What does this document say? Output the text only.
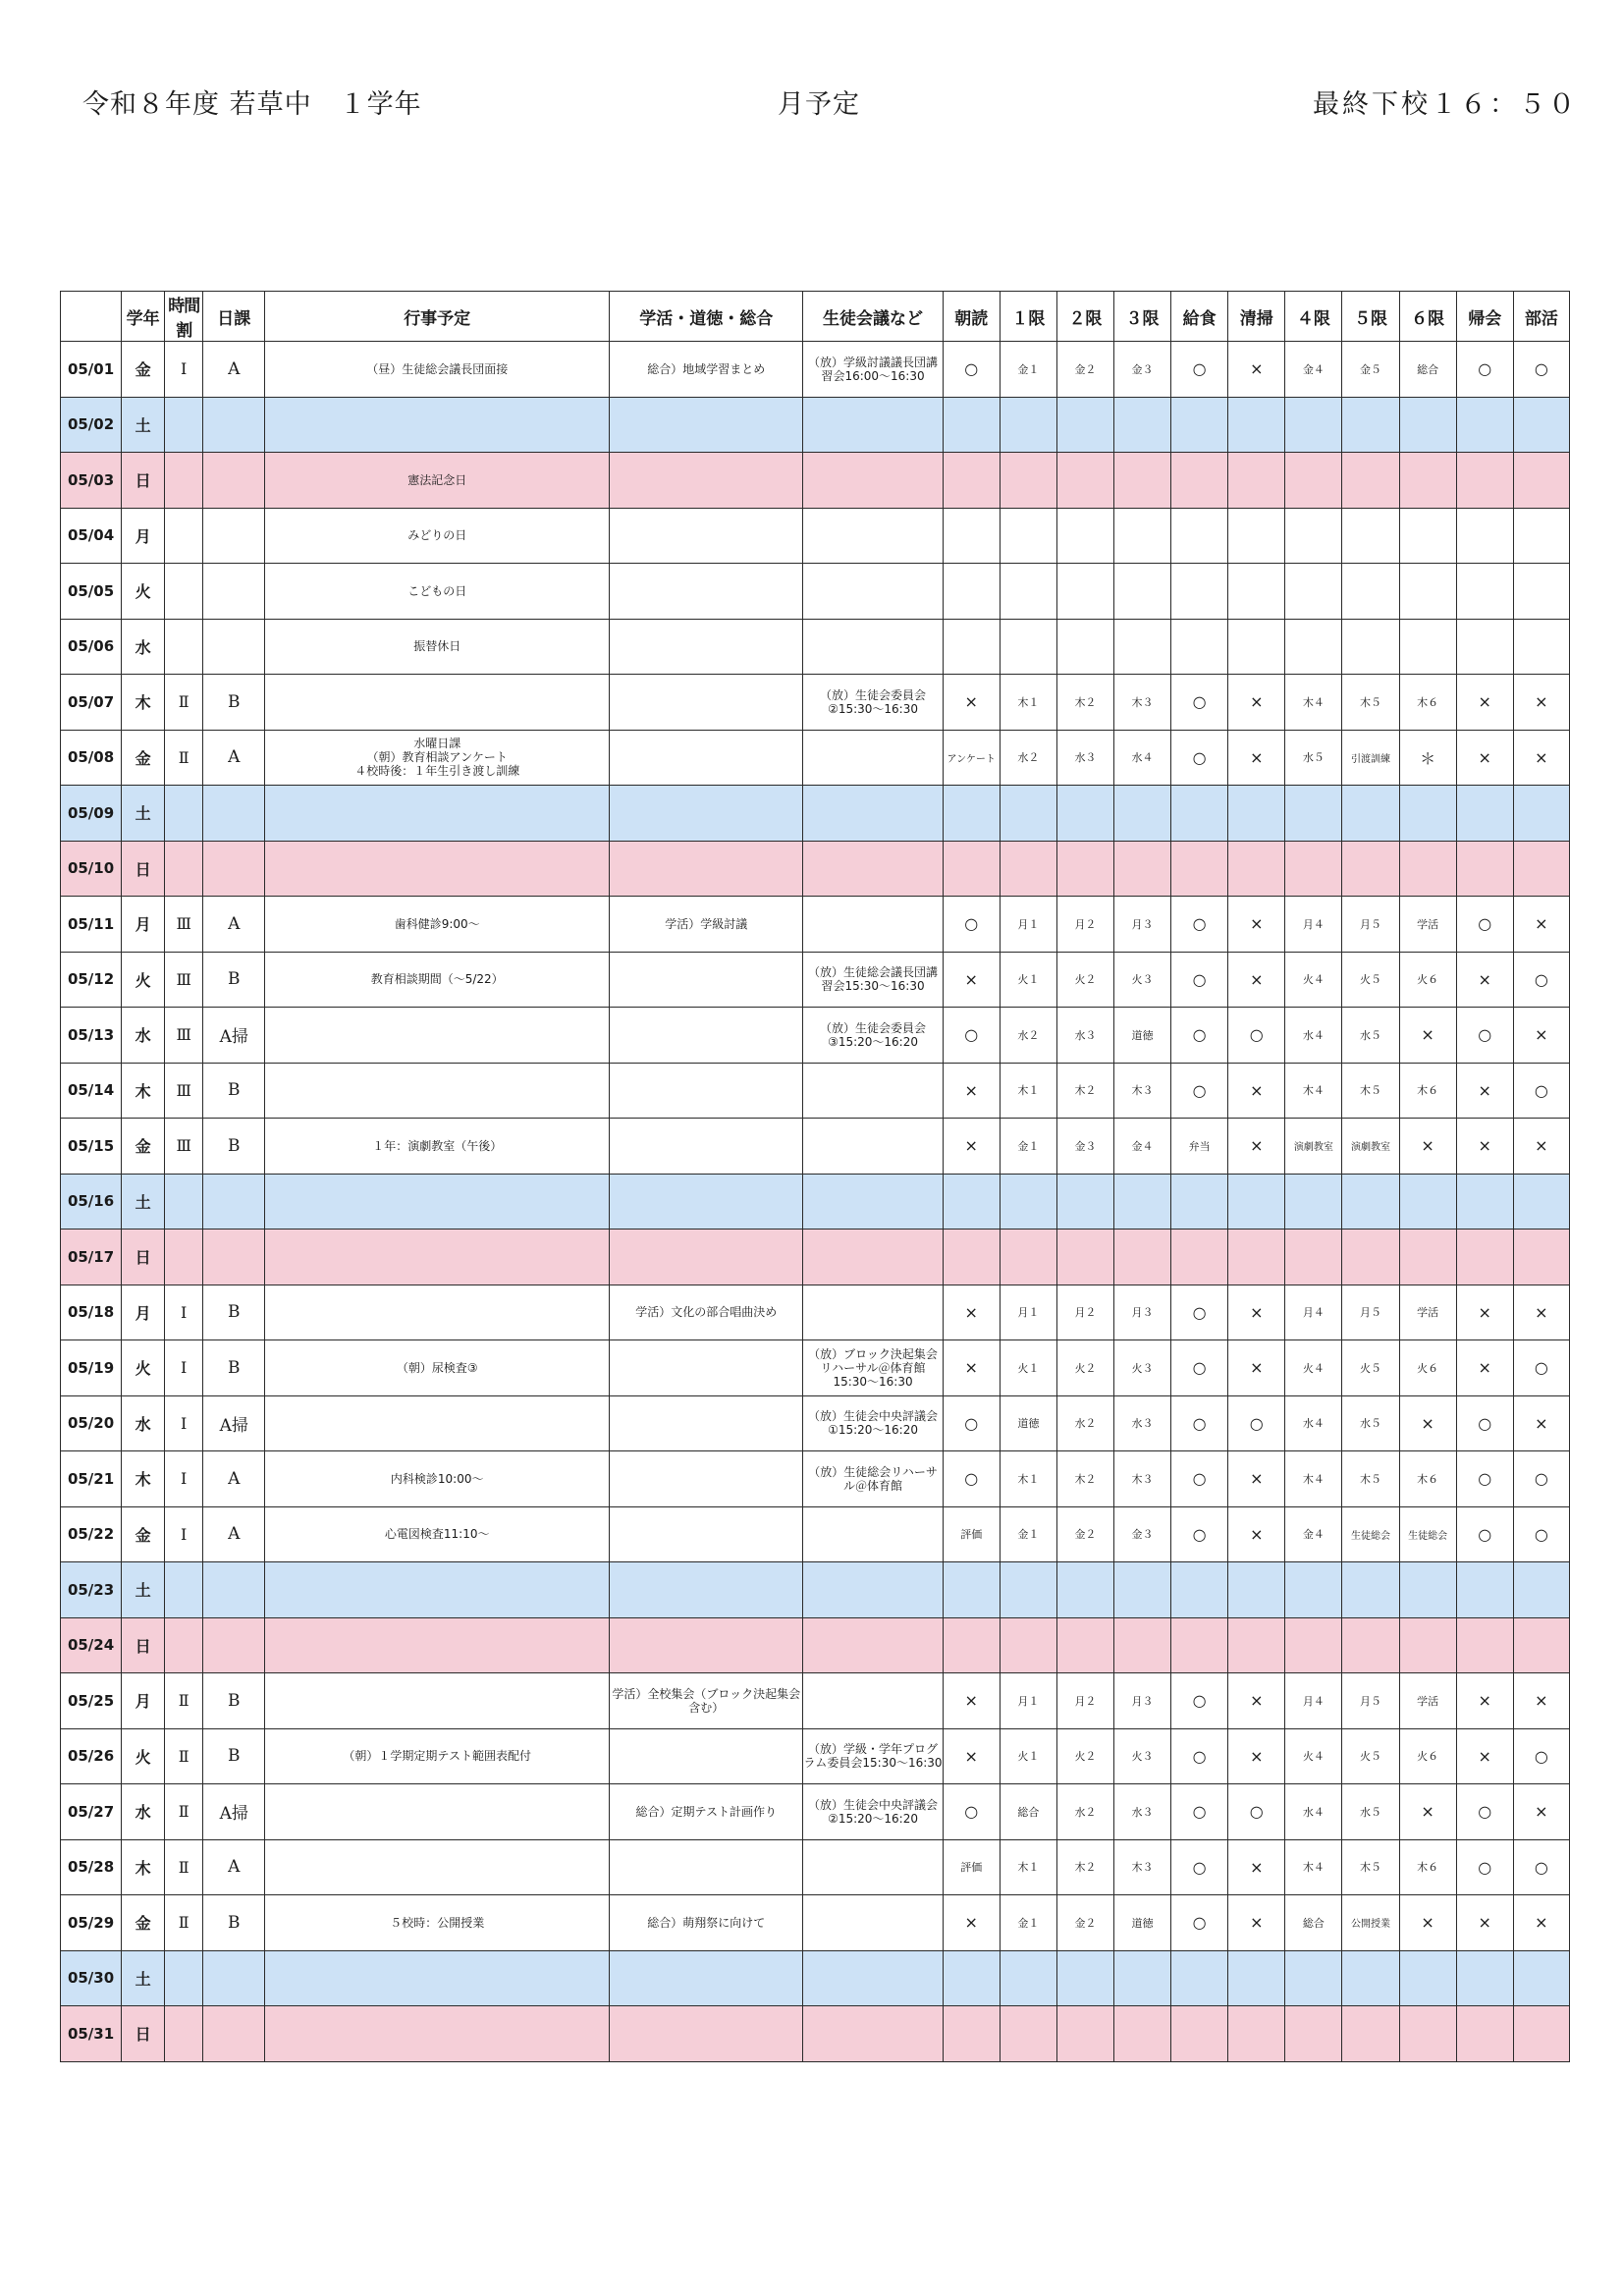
令和８年度 若草中　１学年	月予定	最終下校１６：５０
	学年	時間割	日課	行事予定	学活・道徳・総合	生徒会議など	朝読	１限	２限	３限	給食	清掃	４限	５限	６限	帰会	部活
05/01	金	Ⅰ	A	（昼）生徒総会議長団面接	総合）地域学習まとめ	（放）学級討議議長団講習会16:00～16:30	○	金１	金２	金３	○	×	金４	金５	総合	○	○
05/02	土																
05/03	日			憲法記念日													
05/04	月			みどりの日													
05/05	火			こどもの日													
05/06	水			振替休日													
05/07	木	Ⅱ	B			（放）生徒会委員会②15:30～16:30	×	木１	木２	木３	○	×	木４	木５	木６	×	×
05/08	金	Ⅱ	A	水曜日課
（朝）教育相談アンケート
４校時後：１年生引き渡し訓練			アンケート	水２	水３	水４	○	×	水５	引渡訓練	＊	×	×
05/09	土																
05/10	日																
05/11	月	Ⅲ	A	歯科健診9:00～	学活）学級討議		○	月１	月２	月３	○	×	月４	月５	学活	○	×
05/12	火	Ⅲ	B	教育相談期間（～5/22）		（放）生徒総会議長団講習会15:30～16:30	×	火１	火２	火３	○	×	火４	火５	火６	×	○
05/13	水	Ⅲ	A掃			（放）生徒会委員会③15:20～16:20	○	水２	水３	道徳	○	○	水４	水５	×	○	×
05/14	木	Ⅲ	B				×	木１	木２	木３	○	×	木４	木５	木６	×	○
05/15	金	Ⅲ	B	１年：演劇教室（午後）			×	金１	金３	金４	弁当	×	演劇教室	演劇教室	×	×	×
05/16	土																
05/17	日																
05/18	月	Ⅰ	B		学活）文化の部合唱曲決め		×	月１	月２	月３	○	×	月４	月５	学活	×	×
05/19	火	Ⅰ	B	（朝）尿検査③		（放）ブロック決起集会リハーサル＠体育館15:30～16:30	×	火１	火２	火３	○	×	火４	火５	火６	×	○
05/20	水	Ⅰ	A掃			（放）生徒会中央評議会①15:20～16:20	○	道徳	水２	水３	○	○	水４	水５	×	○	×
05/21	木	Ⅰ	A	内科検診10:00～		（放）生徒総会リハーサル＠体育館	○	木１	木２	木３	○	×	木４	木５	木６	○	○
05/22	金	Ⅰ	A	心電図検査11:10～			評価	金１	金２	金３	○	×	金４	生徒総会	生徒総会	○	○
05/23	土																
05/24	日																
05/25	月	Ⅱ	B		学活）全校集会（ブロック決起集会含む）		×	月１	月２	月３	○	×	月４	月５	学活	×	×
05/26	火	Ⅱ	B	（朝）１学期定期テスト範囲表配付		（放）学級・学年プログラム委員会15:30～16:30	×	火１	火２	火３	○	×	火４	火５	火６	×	○
05/27	水	Ⅱ	A掃		総合）定期テスト計画作り	（放）生徒会中央評議会②15:20～16:20	○	総合	水２	水３	○	○	水４	水５	×	○	×
05/28	木	Ⅱ	A				評価	木１	木２	木３	○	×	木４	木５	木６	○	○
05/29	金	Ⅱ	B	５校時：公開授業	総合）萌翔祭に向けて		×	金１	金２	道徳	○	×	総合	公開授業	×	×	×
05/30	土																
05/31	日																
